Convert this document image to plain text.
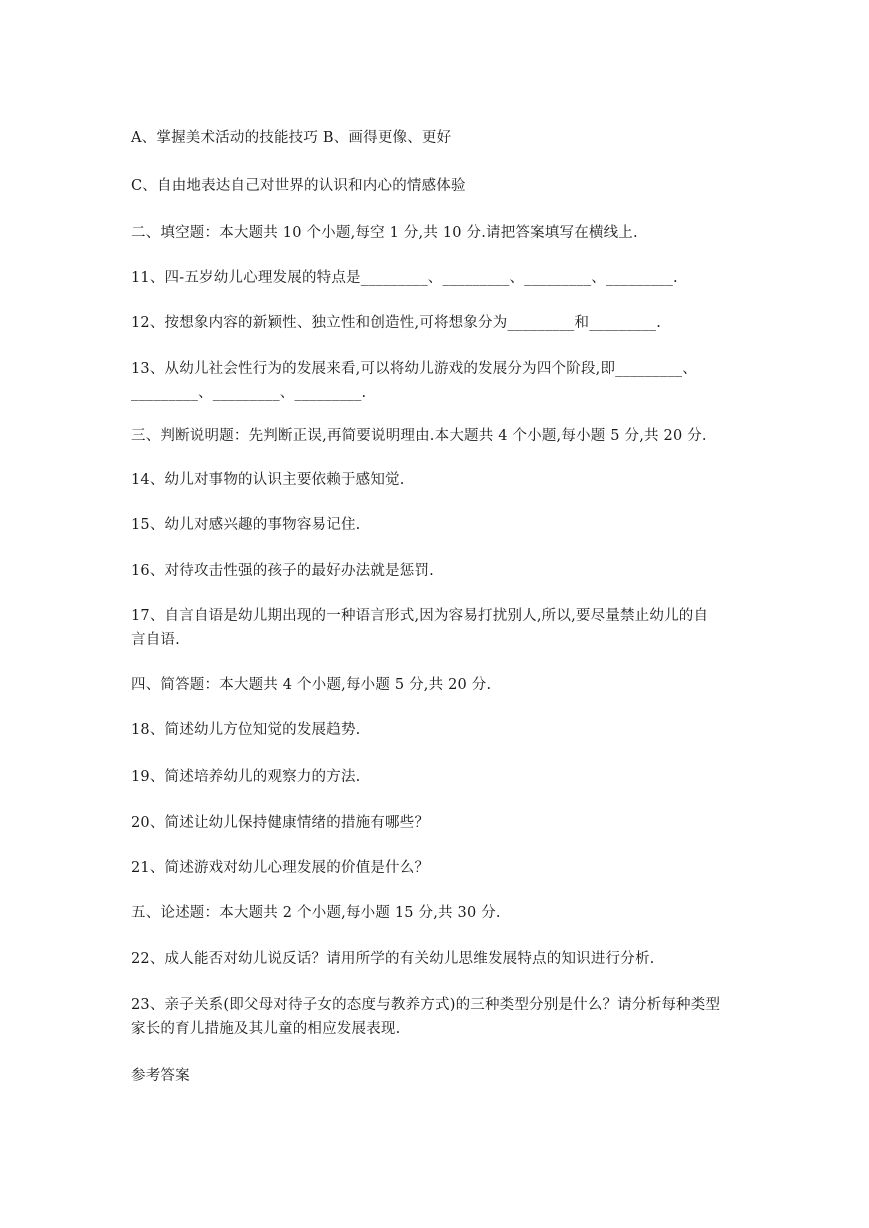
A、掌握美术活动的技能技巧 B、画得更像、更好
C、自由地表达自己对世界的认识和内心的情感体验
二、填空题：本大题共 10 个小题,每空 1 分,共 10 分.请把答案填写在横线上.
11、四-五岁幼儿心理发展的特点是_________、_________、_________、_________.
12、按想象内容的新颖性、独立性和创造性,可将想象分为_________和_________.
13、从幼儿社会性行为的发展来看,可以将幼儿游戏的发展分为四个阶段,即_________、
_________、_________、_________.
三、判断说明题：先判断正误,再简要说明理由.本大题共 4 个小题,每小题 5 分,共 20 分.
14、幼儿对事物的认识主要依赖于感知觉.
15、幼儿对感兴趣的事物容易记住.
16、对待攻击性强的孩子的最好办法就是惩罚.
17、自言自语是幼儿期出现的一种语言形式,因为容易打扰别人,所以,要尽量禁止幼儿的自
言自语.
四、简答题：本大题共 4 个小题,每小题 5 分,共 20 分.
18、简述幼儿方位知觉的发展趋势.
19、简述培养幼儿的观察力的方法.
20、简述让幼儿保持健康情绪的措施有哪些？
21、简述游戏对幼儿心理发展的价值是什么？
五、论述题：本大题共 2 个小题,每小题 15 分,共 30 分.
22、成人能否对幼儿说反话？请用所学的有关幼儿思维发展特点的知识进行分析.
23、亲子关系(即父母对待子女的态度与教养方式)的三种类型分别是什么？请分析每种类型
家长的育儿措施及其儿童的相应发展表现.
参考答案
